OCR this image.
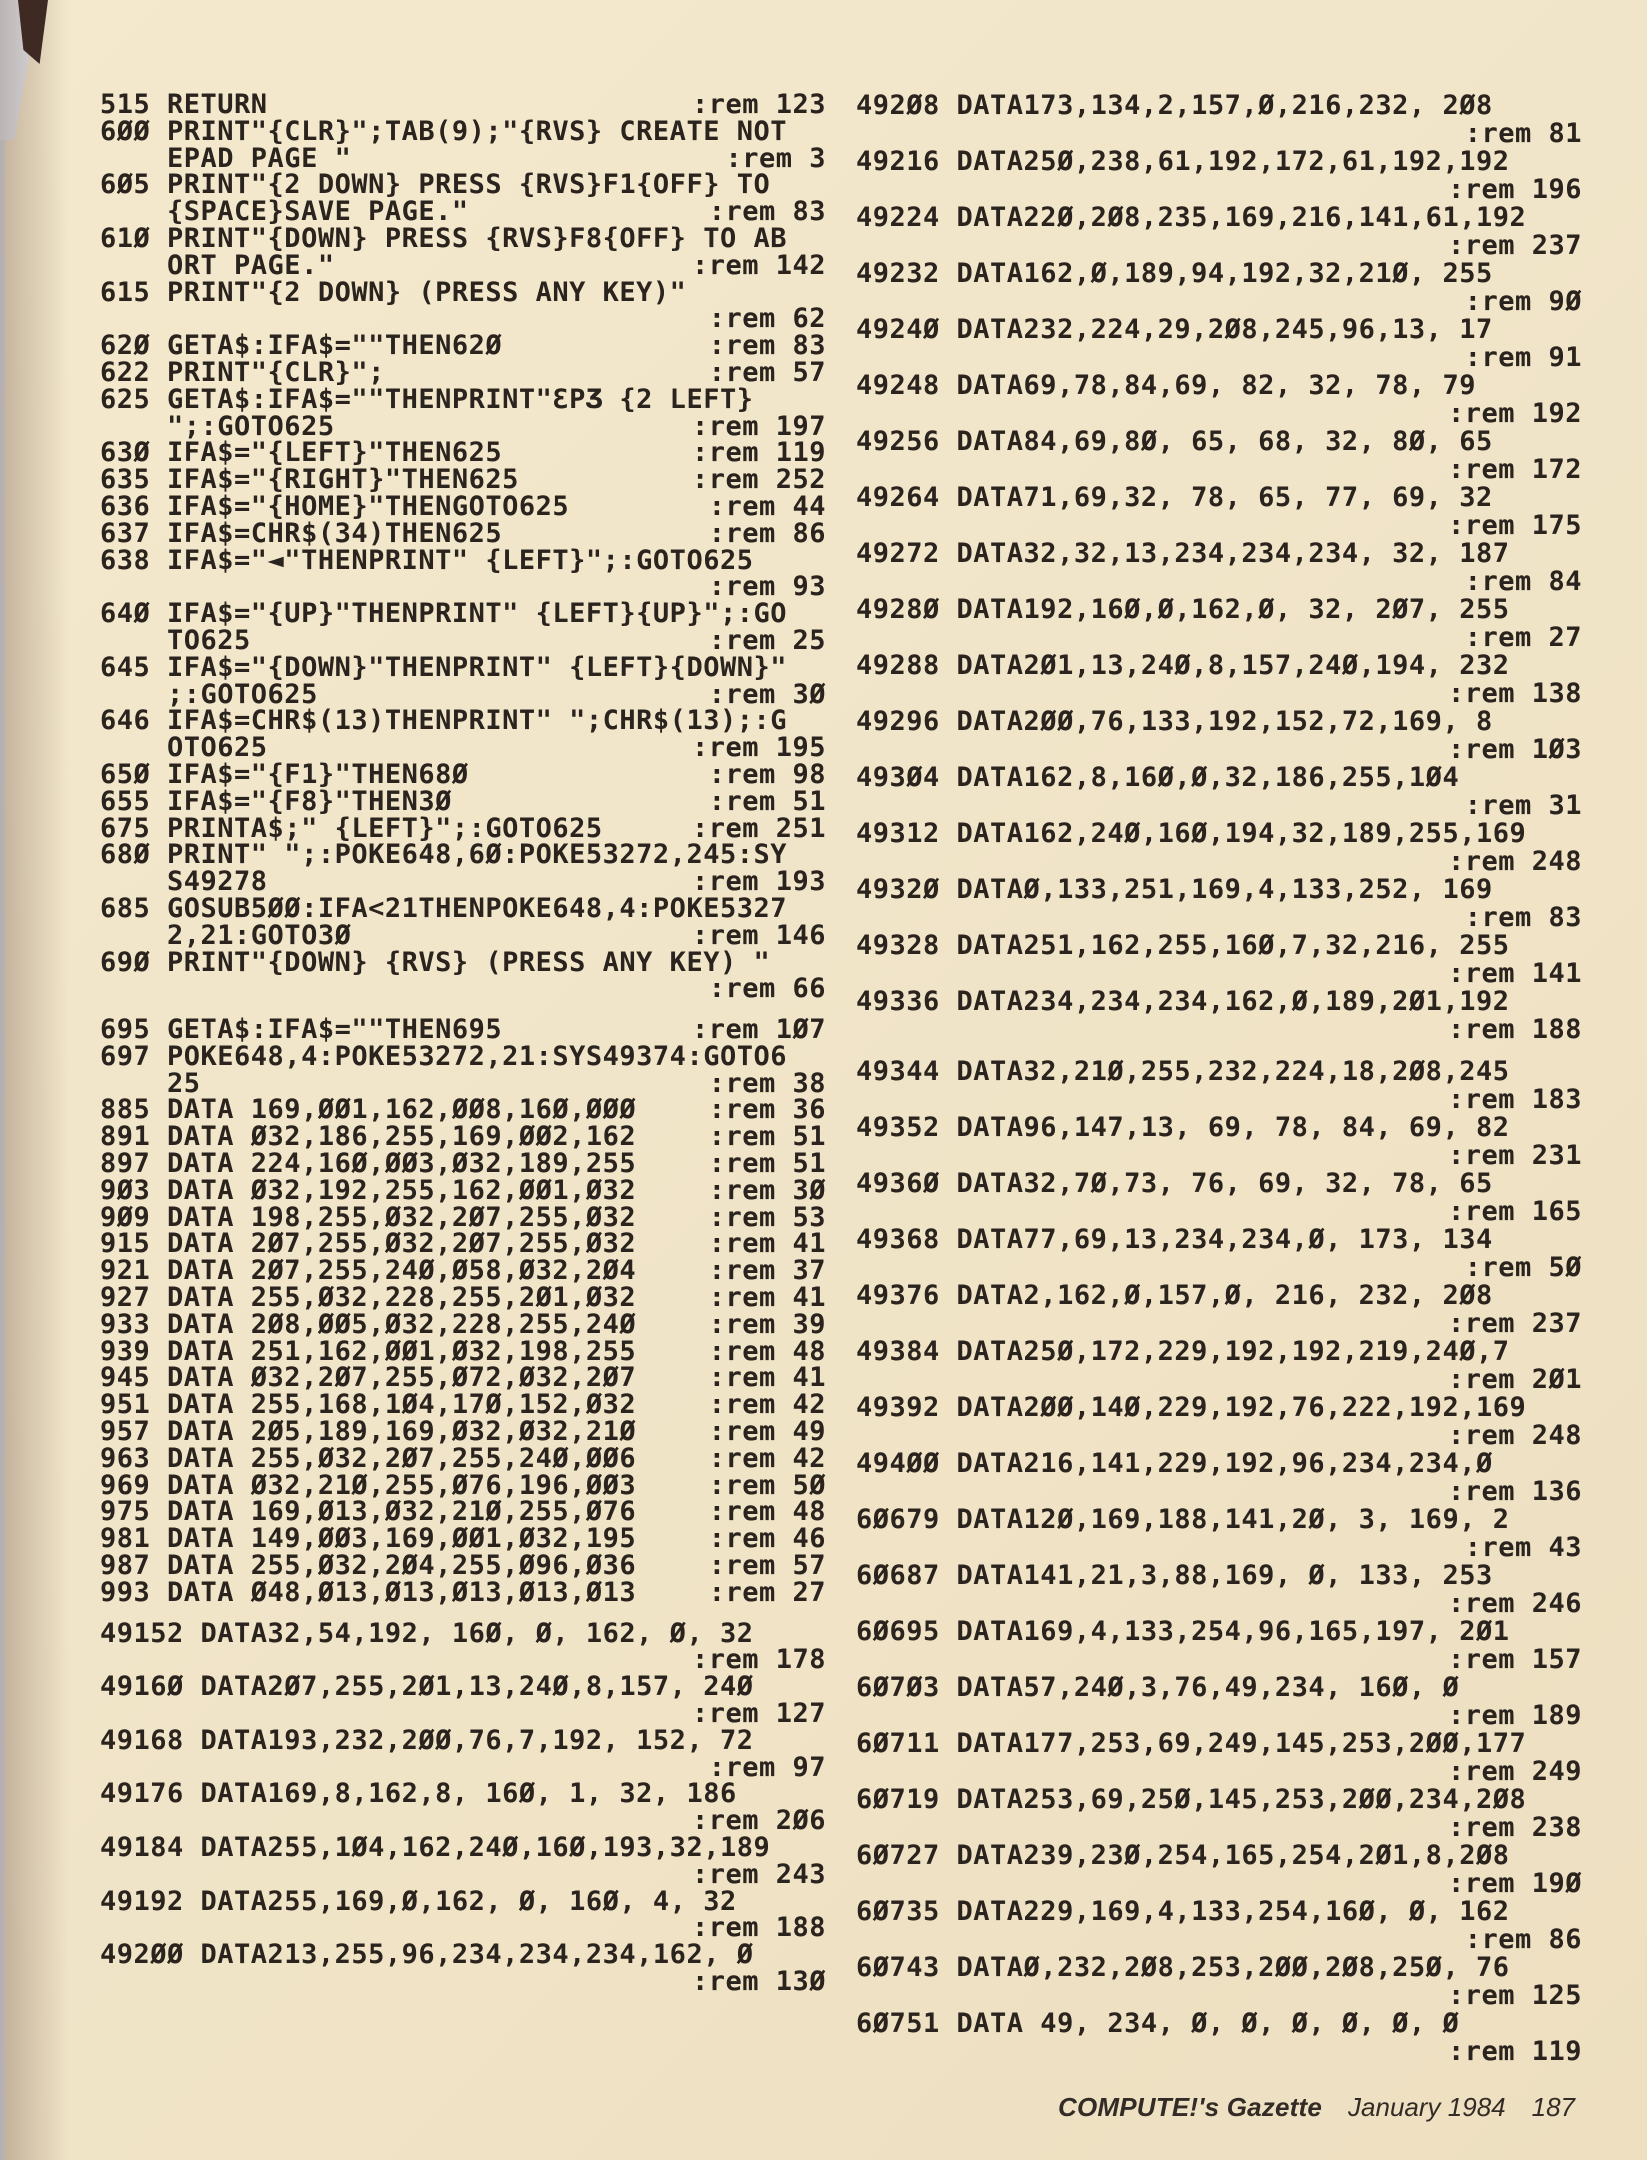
515 RETURN	:rem 123
6ØØ PRINT"{CLR}";TAB(9);"{RVS} CREATE NOT
EPAD PAGE "	:rem 3
6Ø5 PRINT"{2 DOWN} PRESS {RVS}F1{OFF} TO
{SPACE}SAVE PAGE."	:rem 83
61Ø PRINT"{DOWN} PRESS {RVS}F8{OFF} TO AB
ORT PAGE."	:rem 142
615 PRINT"{2 DOWN} (PRESS ANY KEY)"
:rem 62
62Ø GETA$:IFA$=""THEN62Ø	:rem 83
622 PRINT"{CLR}";	:rem 57
625 GETA$:IFA$=""THENPRINT"ƐPƷ {2 LEFT}
";:GOTO625	:rem 197
63Ø IFA$="{LEFT}"THEN625	:rem 119
635 IFA$="{RIGHT}"THEN625	:rem 252
636 IFA$="{HOME}"THENGOTO625	:rem 44
637 IFA$=CHR$(34)THEN625	:rem 86
638 IFA$="◄"THENPRINT" {LEFT}";:GOTO625
:rem 93
64Ø IFA$="{UP}"THENPRINT" {LEFT}{UP}";:GO
TO625	:rem 25
645 IFA$="{DOWN}"THENPRINT" {LEFT}{DOWN}"
;:GOTO625	:rem 3Ø
646 IFA$=CHR$(13)THENPRINT" ";CHR$(13);:G
OTO625	:rem 195
65Ø IFA$="{F1}"THEN68Ø	:rem 98
655 IFA$="{F8}"THEN3Ø	:rem 51
675 PRINTA$;" {LEFT}";:GOTO625	:rem 251
68Ø PRINT" ";:POKE648,6Ø:POKE53272,245:SY
S49278	:rem 193
685 GOSUB5ØØ:IFA<21THENPOKE648,4:POKE5327
2,21:GOTO3Ø	:rem 146
69Ø PRINT"{DOWN} {RVS} (PRESS ANY KEY) "
:rem 66
695 GETA$:IFA$=""THEN695	:rem 1Ø7
697 POKE648,4:POKE53272,21:SYS49374:GOTO6
25	:rem 38
885 DATA 169,ØØ1,162,ØØ8,16Ø,ØØØ	:rem 36
891 DATA Ø32,186,255,169,ØØ2,162	:rem 51
897 DATA 224,16Ø,ØØ3,Ø32,189,255	:rem 51
9Ø3 DATA Ø32,192,255,162,ØØ1,Ø32	:rem 3Ø
9Ø9 DATA 198,255,Ø32,2Ø7,255,Ø32	:rem 53
915 DATA 2Ø7,255,Ø32,2Ø7,255,Ø32	:rem 41
921 DATA 2Ø7,255,24Ø,Ø58,Ø32,2Ø4	:rem 37
927 DATA 255,Ø32,228,255,2Ø1,Ø32	:rem 41
933 DATA 2Ø8,ØØ5,Ø32,228,255,24Ø	:rem 39
939 DATA 251,162,ØØ1,Ø32,198,255	:rem 48
945 DATA Ø32,2Ø7,255,Ø72,Ø32,2Ø7	:rem 41
951 DATA 255,168,1Ø4,17Ø,152,Ø32	:rem 42
957 DATA 2Ø5,189,169,Ø32,Ø32,21Ø	:rem 49
963 DATA 255,Ø32,2Ø7,255,24Ø,ØØ6	:rem 42
969 DATA Ø32,21Ø,255,Ø76,196,ØØ3	:rem 5Ø
975 DATA 169,Ø13,Ø32,21Ø,255,Ø76	:rem 48
981 DATA 149,ØØ3,169,ØØ1,Ø32,195	:rem 46
987 DATA 255,Ø32,2Ø4,255,Ø96,Ø36	:rem 57
993 DATA Ø48,Ø13,Ø13,Ø13,Ø13,Ø13	:rem 27
49152 DATA32,54,192, 16Ø, Ø, 162, Ø, 32
:rem 178
4916Ø DATA2Ø7,255,2Ø1,13,24Ø,8,157, 24Ø
:rem 127
49168 DATA193,232,2ØØ,76,7,192, 152, 72
:rem 97
49176 DATA169,8,162,8, 16Ø, 1, 32, 186
:rem 2Ø6
49184 DATA255,1Ø4,162,24Ø,16Ø,193,32,189
:rem 243
49192 DATA255,169,Ø,162, Ø, 16Ø, 4, 32
:rem 188
492ØØ DATA213,255,96,234,234,234,162, Ø
:rem 13Ø
492Ø8 DATA173,134,2,157,Ø,216,232, 2Ø8
:rem 81
49216 DATA25Ø,238,61,192,172,61,192,192
:rem 196
49224 DATA22Ø,2Ø8,235,169,216,141,61,192
:rem 237
49232 DATA162,Ø,189,94,192,32,21Ø, 255
:rem 9Ø
4924Ø DATA232,224,29,2Ø8,245,96,13, 17
:rem 91
49248 DATA69,78,84,69, 82, 32, 78, 79
:rem 192
49256 DATA84,69,8Ø, 65, 68, 32, 8Ø, 65
:rem 172
49264 DATA71,69,32, 78, 65, 77, 69, 32
:rem 175
49272 DATA32,32,13,234,234,234, 32, 187
:rem 84
4928Ø DATA192,16Ø,Ø,162,Ø, 32, 2Ø7, 255
:rem 27
49288 DATA2Ø1,13,24Ø,8,157,24Ø,194, 232
:rem 138
49296 DATA2ØØ,76,133,192,152,72,169, 8
:rem 1Ø3
493Ø4 DATA162,8,16Ø,Ø,32,186,255,1Ø4
:rem 31
49312 DATA162,24Ø,16Ø,194,32,189,255,169
:rem 248
4932Ø DATAØ,133,251,169,4,133,252, 169
:rem 83
49328 DATA251,162,255,16Ø,7,32,216, 255
:rem 141
49336 DATA234,234,234,162,Ø,189,2Ø1,192
:rem 188
49344 DATA32,21Ø,255,232,224,18,2Ø8,245
:rem 183
49352 DATA96,147,13, 69, 78, 84, 69, 82
:rem 231
4936Ø DATA32,7Ø,73, 76, 69, 32, 78, 65
:rem 165
49368 DATA77,69,13,234,234,Ø, 173, 134
:rem 5Ø
49376 DATA2,162,Ø,157,Ø, 216, 232, 2Ø8
:rem 237
49384 DATA25Ø,172,229,192,192,219,24Ø,7
:rem 2Ø1
49392 DATA2ØØ,14Ø,229,192,76,222,192,169
:rem 248
494ØØ DATA216,141,229,192,96,234,234,Ø
:rem 136
6Ø679 DATA12Ø,169,188,141,2Ø, 3, 169, 2
:rem 43
6Ø687 DATA141,21,3,88,169, Ø, 133, 253
:rem 246
6Ø695 DATA169,4,133,254,96,165,197, 2Ø1
:rem 157
6Ø7Ø3 DATA57,24Ø,3,76,49,234, 16Ø, Ø
:rem 189
6Ø711 DATA177,253,69,249,145,253,2ØØ,177
:rem 249
6Ø719 DATA253,69,25Ø,145,253,2ØØ,234,2Ø8
:rem 238
6Ø727 DATA239,23Ø,254,165,254,2Ø1,8,2Ø8
:rem 19Ø
6Ø735 DATA229,169,4,133,254,16Ø, Ø, 162
:rem 86
6Ø743 DATAØ,232,2Ø8,253,2ØØ,2Ø8,25Ø, 76
:rem 125
6Ø751 DATA 49, 234, Ø, Ø, Ø, Ø, Ø, Ø
:rem 119
COMPUTE!'s Gazette January 1984 187
